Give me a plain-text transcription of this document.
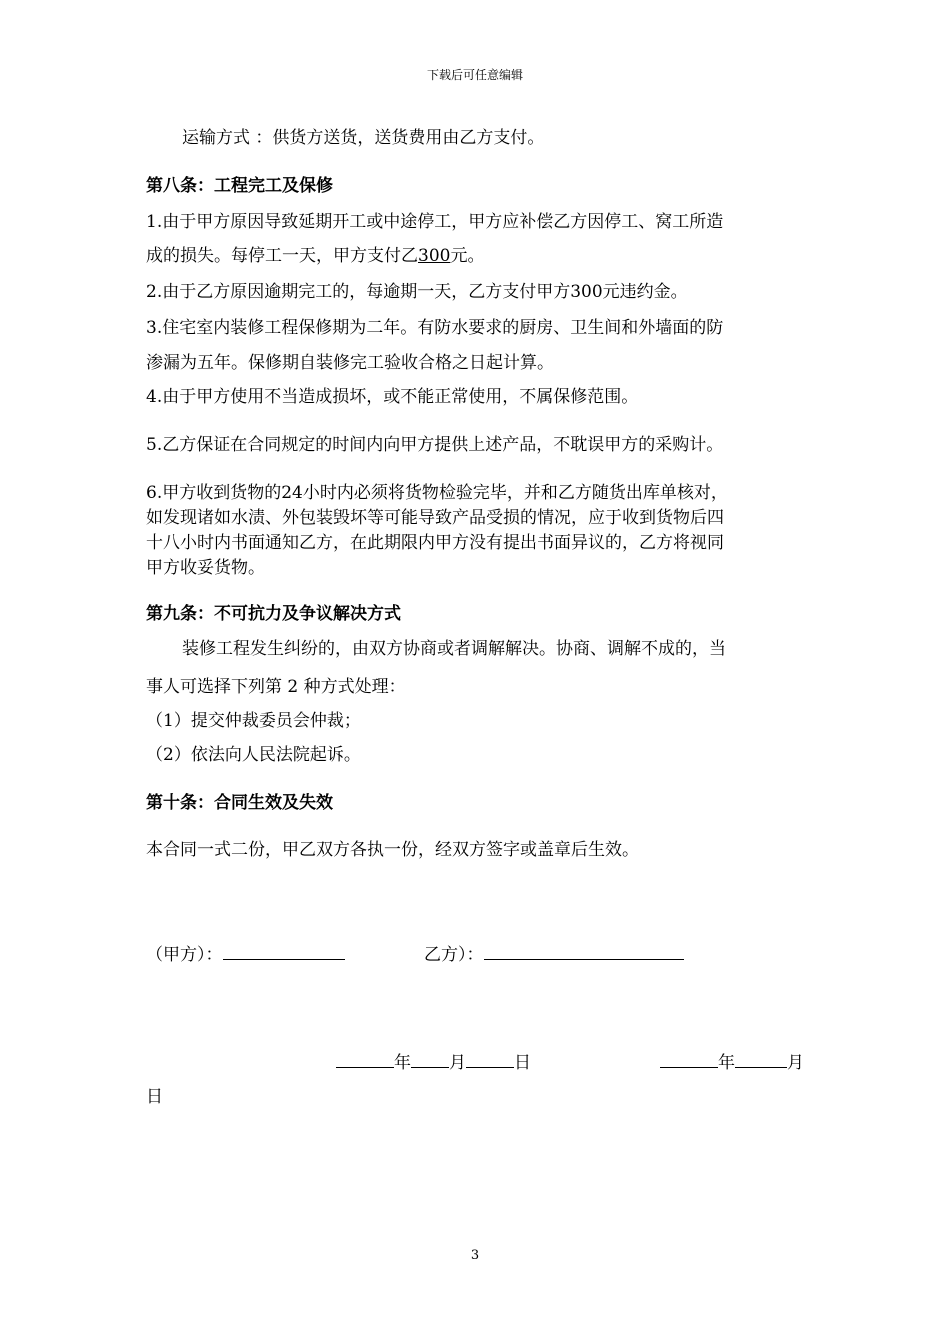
下载后可任意编辑
运输方式 ：供货方送货，送货费用由乙方支付。
第八条：工程完工及保修
1.由于甲方原因导致延期开工或中途停工，甲方应补偿乙方因停工、窝工所造
成的损失。每停工一天，甲方支付乙300元。
2.由于乙方原因逾期完工的，每逾期一天，乙方支付甲方300元违约金。
3.住宅室内装修工程保修期为二年。有防水要求的厨房、卫生间和外墙面的防
渗漏为五年。保修期自装修完工验收合格之日起计算。
4.由于甲方使用不当造成损坏，或不能正常使用，不属保修范围。
5.乙方保证在合同规定的时间内向甲方提供上述产品，不耽误甲方的采购计。
6.甲方收到货物的24小时内必须将货物检验完毕，并和乙方随货出库单核对，
如发现诸如水渍、外包装毁坏等可能导致产品受损的情况，应于收到货物后四
十八小时内书面通知乙方，在此期限内甲方没有提出书面异议的，乙方将视同
甲方收妥货物。
第九条：不可抗力及争议解决方式
装修工程发生纠纷的，由双方协商或者调解解决。协商、调解不成的，当
事人可选择下列第 2 种方式处理：
（1）提交仲裁委员会仲裁；
（2）依法向人民法院起诉。
第十条：合同生效及失效
本合同一式二份，甲乙双方各执一份，经双方签字或盖章后生效。
（甲方）：	乙方）：
年 月	日	年	月
日
3
